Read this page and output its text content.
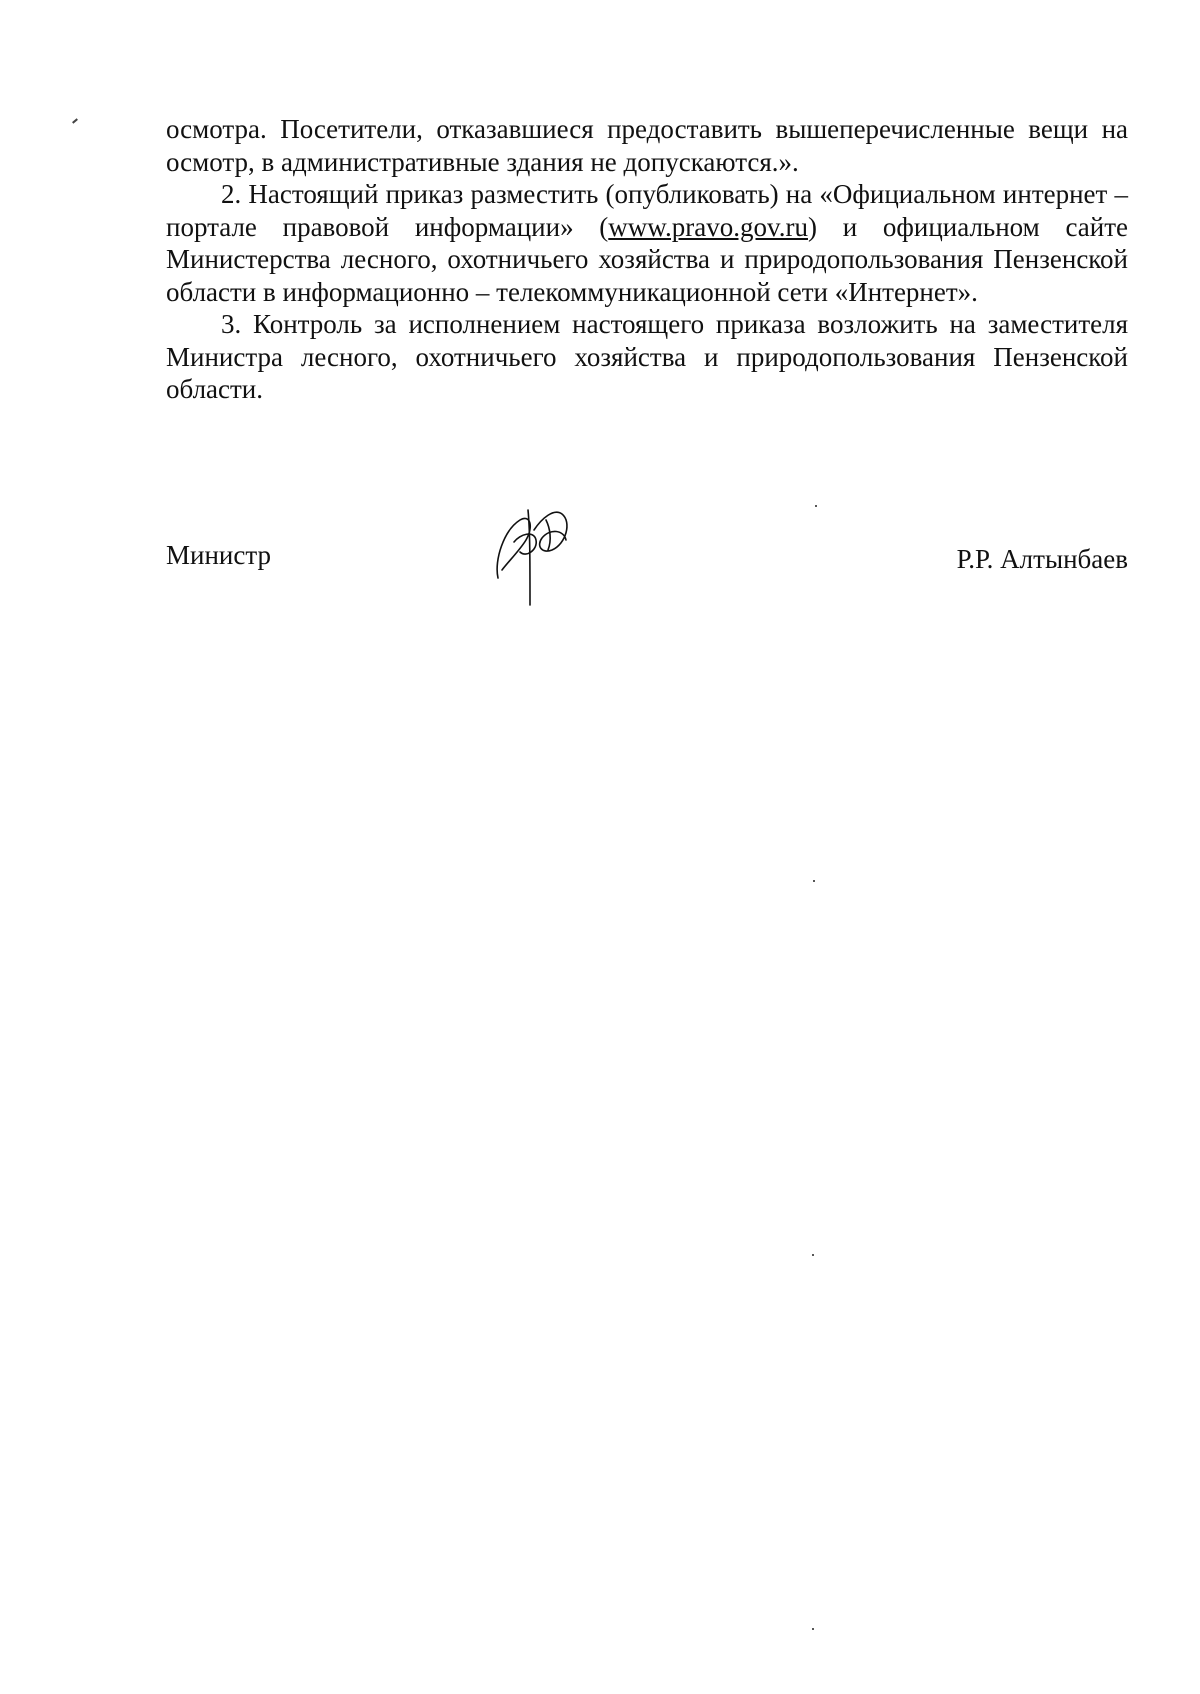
осмотра. Посетители, отказавшиеся предоставить вышеперечисленные вещи на осмотр, в административные здания не допускаются.».

2. Настоящий приказ разместить (опубликовать) на «Официальном интернет – портале правовой информации» (www.pravo.gov.ru) и официальном сайте Министерства лесного, охотничьего хозяйства и природопользования Пензенской области в информационно – телекоммуникационной сети «Интернет».

3. Контроль за исполнением настоящего приказа возложить на заместителя Министра лесного, охотничьего хозяйства и природопользования Пензенской области.

Министр	Р.Р. Алтынбаев
